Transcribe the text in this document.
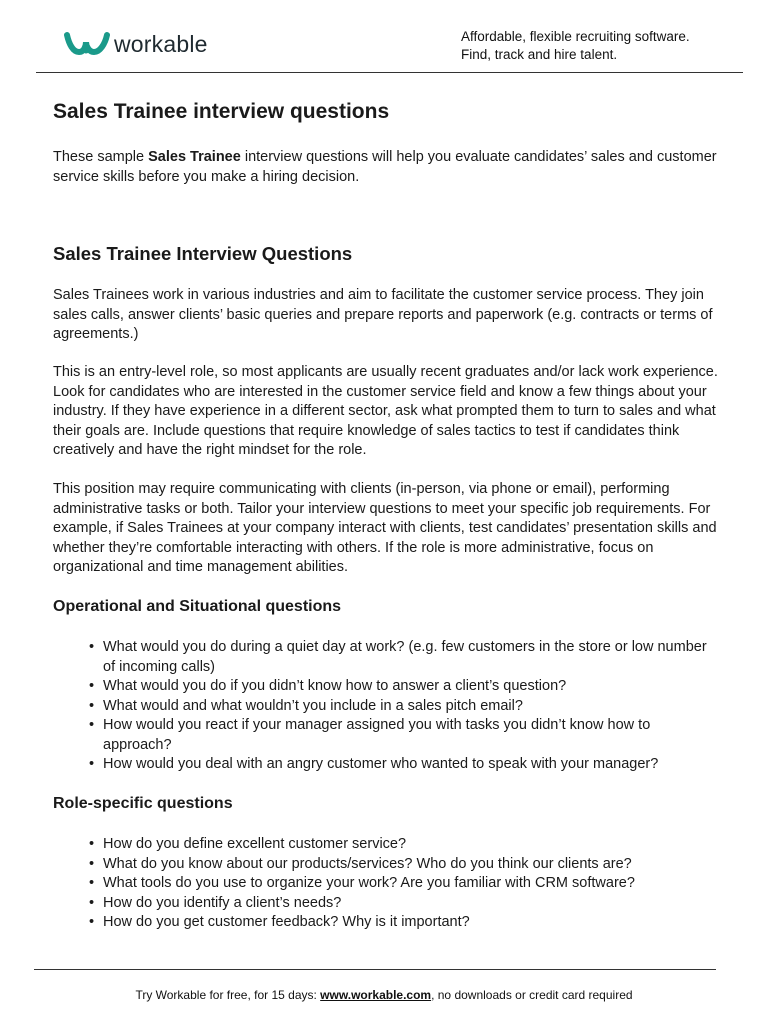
workable	Affordable, flexible recruiting software.
Find, track and hire talent.
Sales Trainee interview questions

These sample Sales Trainee interview questions will help you evaluate candidates’ sales and customer service skills before you make a hiring decision.

Sales Trainee Interview Questions

Sales Trainees work in various industries and aim to facilitate the customer service process. They join sales calls, answer clients’ basic queries and prepare reports and paperwork (e.g. contracts or terms of agreements.)

This is an entry-level role, so most applicants are usually recent graduates and/or lack work experience. Look for candidates who are interested in the customer service field and know a few things about your industry. If they have experience in a different sector, ask what prompted them to turn to sales and what their goals are. Include questions that require knowledge of sales tactics to test if candidates think creatively and have the right mindset for the role.

This position may require communicating with clients (in-person, via phone or email), performing administrative tasks or both. Tailor your interview questions to meet your specific job requirements. For example, if Sales Trainees at your company interact with clients, test candidates’ presentation skills and whether they’re comfortable interacting with others. If the role is more administrative, focus on organizational and time management abilities.

Operational and Situational questions
• What would you do during a quiet day at work? (e.g. few customers in the store or low number of incoming calls)
• What would you do if you didn’t know how to answer a client’s question?
• What would and what wouldn’t you include in a sales pitch email?
• How would you react if your manager assigned you with tasks you didn’t know how to approach?
• How would you deal with an angry customer who wanted to speak with your manager?
Role-specific questions
• How do you define excellent customer service?
• What do you know about our products/services? Who do you think our clients are?
• What tools do you use to organize your work? Are you familiar with CRM software?
• How do you identify a client’s needs?
• How do you get customer feedback? Why is it important?
Try Workable for free, for 15 days: www.workable.com, no downloads or credit card required
